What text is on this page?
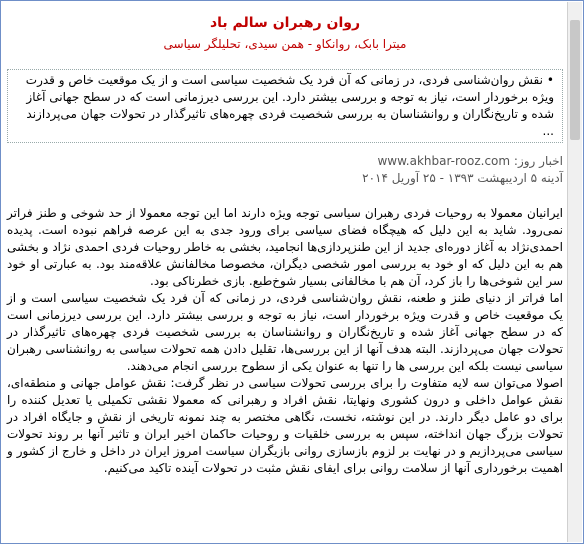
روان رهبران سالم باد
میترا بابک، روانکاو - همن سیدی، تحلیلگر سیاسی
•نقش روان‌شناسی فردی، در زمانی که آن فرد یک شخصیت سیاسی است و از یک موقعیت خاص و قدرت ویژه برخوردار است، نیاز به توجه و بررسی بیشتر دارد. این بررسی دیرزمانی است که در سطح جهانی آغاز شده و تاریخ‌نگاران و روانشناسان به بررسی شخصیت فردی چهره‌های تاثیرگذار در تحولات جهان می‌پردازند ...
اخبار روز: www.akhbar-rooz.com
آدینه ۵ اردیبهشت ۱۳۹۳ - ۲۵ آوریل ۲۰۱۴

ایرانیان معمولا به روحیات فردی رهبران سیاسی توجه ویژه دارند اما این توجه معمولا از حد شوخی و طنز فراتر نمی‌رود. شاید به این دلیل که هیچگاه فضای سیاسی برای ورود جدی به این عرصه فراهم نبوده است. پدیده احمدی‌نژاد به آغاز دوره‌ای جدید از این طنزپردازی‌ها انجامید، بخشی به خاطر روحیات فردی احمدی نژاد و بخشی هم به این دلیل که او خود به بررسی امور شخصی دیگران، مخصوصا مخالفانش علاقه‌مند بود. به عبارتی او خود سر این شوخی‌ها را باز کرد، آن هم با مخالفانی بسیار شوخ‌طبع. بازی خطرناکی بود.

اما فراتر از دنیای طنز و طعنه، نقش روان‌شناسی فردی، در زمانی که آن فرد یک شخصیت سیاسی است و از یک موقعیت خاص و قدرت ویژه برخوردار است، نیاز به توجه و بررسی بیشتر دارد. این بررسی دیرزمانی است که در سطح جهانی آغاز شده و تاریخ‌نگاران و روانشناسان به بررسی شخصیت فردی چهره‌های تاثیرگذار در تحولات جهان می‌پردازند. البته هدف آنها از این بررسی‌ها، تقلیل دادن همه تحولات سیاسی به روانشناسی رهبران سیاسی نیست بلکه این بررسی ها را تنها به عنوان یکی از سطوح بررسی انجام می‌دهند.

اصولا می‌توان سه لایه متفاوت را برای بررسی تحولات سیاسی در نظر گرفت: نقش عوامل جهانی و منطقه‌ای، نقش عوامل داخلی و درون کشوری ونهایتا، نقش افراد و رهبرانی که معمولا نقشی تکمیلی یا تعدیل کننده را برای دو عامل دیگر دارند. در این نوشته، نخست، نگاهی مختصر به چند نمونه تاریخی از نقش و جایگاه افراد در تحولات بزرگ جهان انداخته، سپس به بررسی خلقیات و روحیات حاکمان اخیر ایران و تاثیر آنها بر روند تحولات سیاسی می‌پردازیم و در نهایت بر لزوم بازسازی روانی بازیگران سیاست امروز ایران در داخل و خارج از کشور و اهمیت برخورداری آنها از سلامت روانی برای ایفای نقش مثبت در تحولات آینده تاکید می‌کنیم.
